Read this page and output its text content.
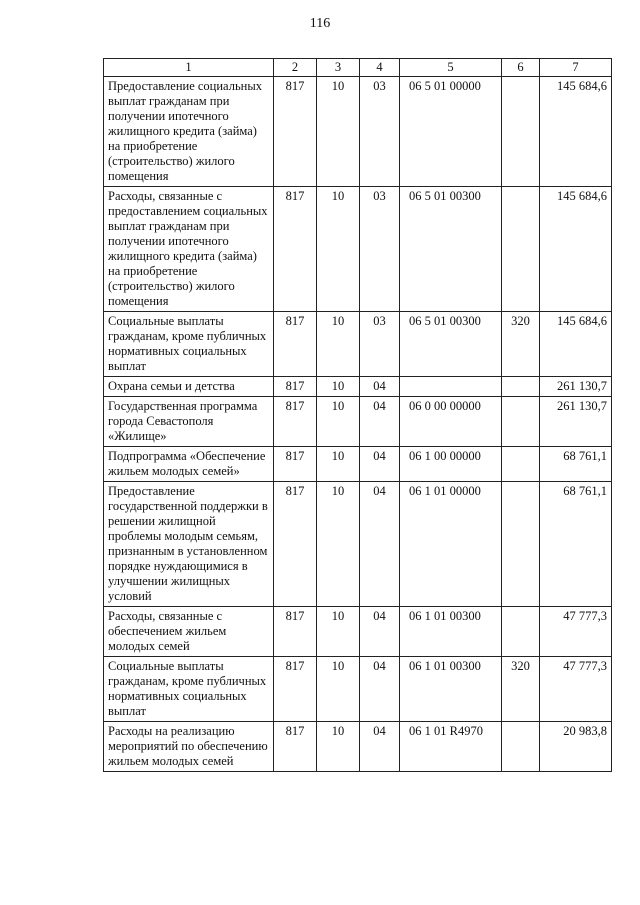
116
1	2	3	4	5	6	7
Предоставление социальных выплат гражданам при получении ипотечного жилищного кредита (займа) на приобретение (строительство) жилого помещения	817	10	03	06 5 01 00000		145 684,6
Расходы, связанные с предоставлением социальных выплат гражданам при получении ипотечного жилищного кредита (займа) на приобретение (строительство) жилого помещения	817	10	03	06 5 01 00300		145 684,6
Социальные выплаты гражданам, кроме публичных нормативных социальных выплат	817	10	03	06 5 01 00300	320	145 684,6
Охрана семьи и детства	817	10	04			261 130,7
Государственная программа города Севастополя «Жилище»	817	10	04	06 0 00 00000		261 130,7
Подпрограмма «Обеспечение жильем молодых семей»	817	10	04	06 1 00 00000		68 761,1
Предоставление государственной поддержки в решении жилищной проблемы молодым семьям, признанным в установленном порядке нуждающимися в улучшении жилищных условий	817	10	04	06 1 01 00000		68 761,1
Расходы, связанные с обеспечением жильем молодых семей	817	10	04	06 1 01 00300		47 777,3
Социальные выплаты гражданам, кроме публичных нормативных социальных выплат	817	10	04	06 1 01 00300	320	47 777,3
Расходы на реализацию мероприятий по обеспечению жильем молодых семей	817	10	04	06 1 01 R4970		20 983,8
